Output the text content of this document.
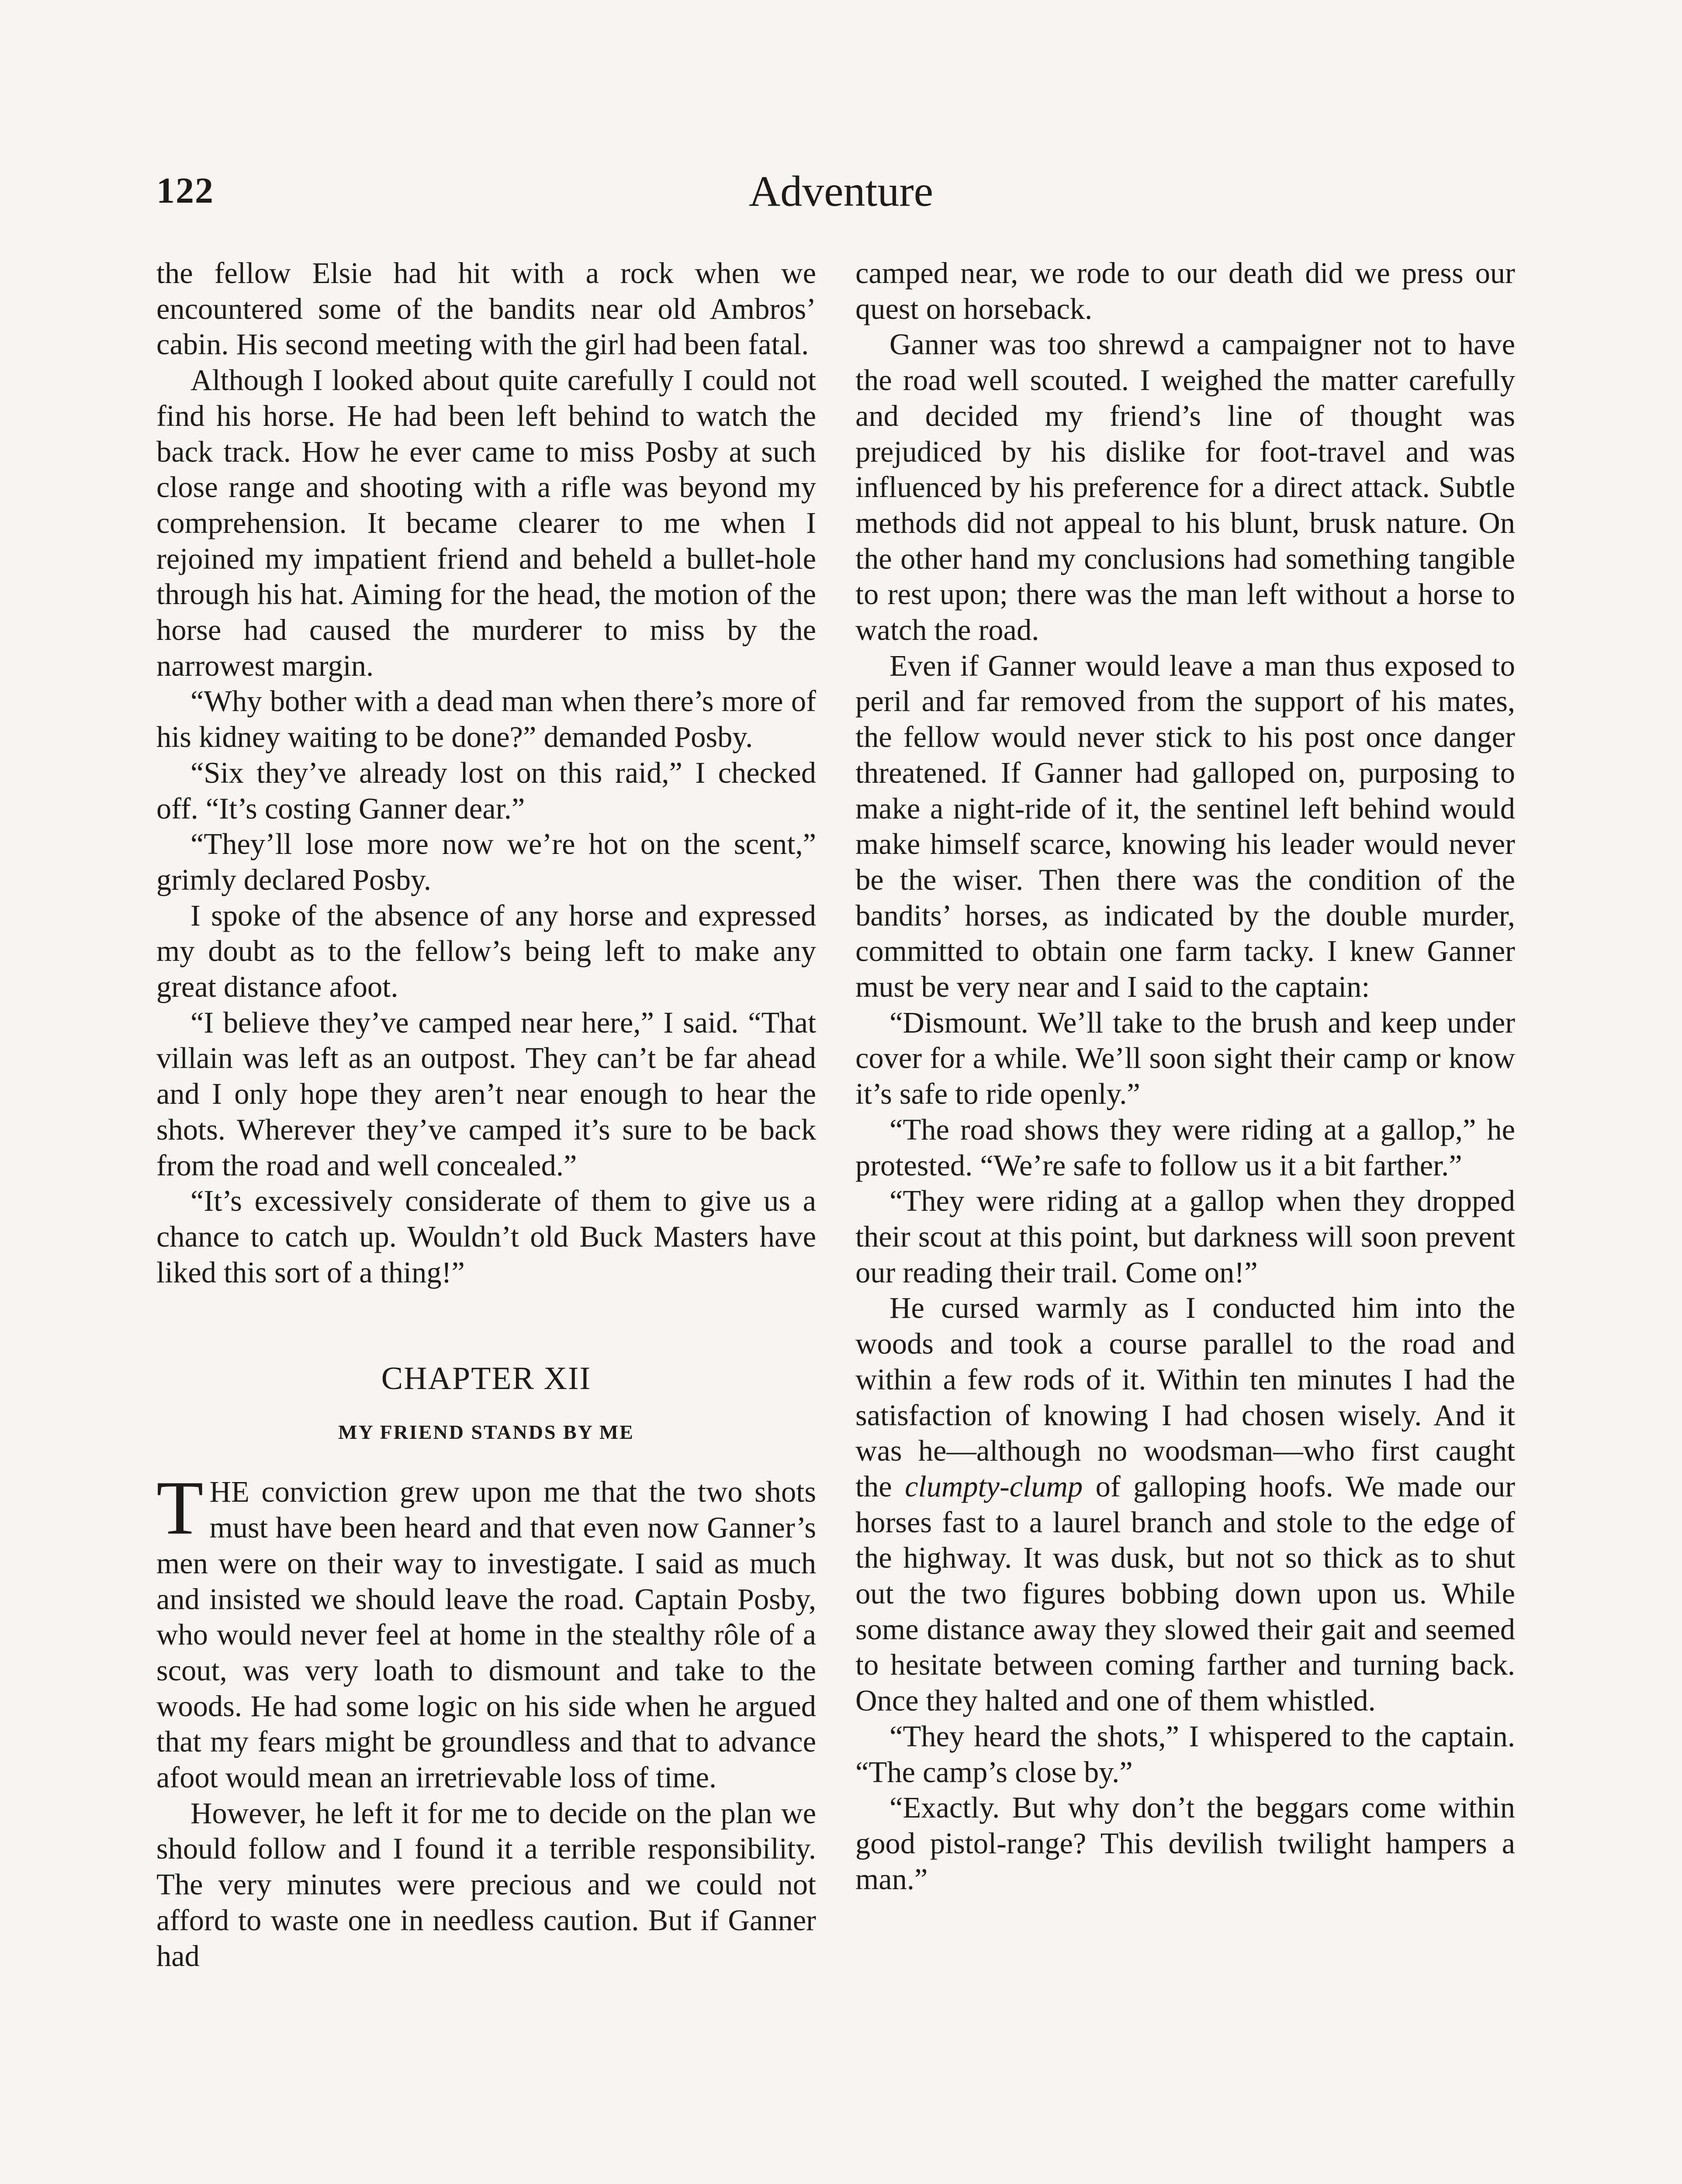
122	Adventure

the fellow Elsie had hit with a rock when we encountered some of the bandits near old Ambros’ cabin. His second meeting with the girl had been fatal.

Although I looked about quite carefully I could not find his horse. He had been left behind to watch the back track. How he ever came to miss Posby at such close range and shooting with a rifle was beyond my comprehension. It became clearer to me when I rejoined my impatient friend and beheld a bullet-hole through his hat. Aiming for the head, the motion of the horse had caused the murderer to miss by the narrowest margin.

“Why bother with a dead man when there’s more of his kidney waiting to be done?” demanded Posby.

“Six they’ve already lost on this raid,” I checked off. “It’s costing Ganner dear.”

“They’ll lose more now we’re hot on the scent,” grimly declared Posby.

I spoke of the absence of any horse and expressed my doubt as to the fellow’s being left to make any great distance afoot.

“I believe they’ve camped near here,” I said. “That villain was left as an outpost. They can’t be far ahead and I only hope they aren’t near enough to hear the shots. Wherever they’ve camped it’s sure to be back from the road and well concealed.”

“It’s excessively considerate of them to give us a chance to catch up. Wouldn’t old Buck Masters have liked this sort of a thing!”

CHAPTER XII
MY FRIEND STANDS BY ME

THE conviction grew upon me that the two shots must have been heard and that even now Ganner’s men were on their way to investigate. I said as much and insisted we should leave the road. Captain Posby, who would never feel at home in the stealthy rôle of a scout, was very loath to dismount and take to the woods. He had some logic on his side when he argued that my fears might be groundless and that to advance afoot would mean an irretrievable loss of time.

However, he left it for me to decide on the plan we should follow and I found it a terrible responsibility. The very minutes were precious and we could not afford to waste one in needless caution. But if Ganner had

camped near, we rode to our death did we press our quest on horseback.

Ganner was too shrewd a campaigner not to have the road well scouted. I weighed the matter carefully and decided my friend’s line of thought was prejudiced by his dislike for foot-travel and was influenced by his preference for a direct attack. Subtle methods did not appeal to his blunt, brusk nature. On the other hand my conclusions had something tangible to rest upon; there was the man left without a horse to watch the road.

Even if Ganner would leave a man thus exposed to peril and far removed from the support of his mates, the fellow would never stick to his post once danger threatened. If Ganner had galloped on, purposing to make a night-ride of it, the sentinel left behind would make himself scarce, knowing his leader would never be the wiser. Then there was the condition of the bandits’ horses, as indicated by the double murder, committed to obtain one farm tacky. I knew Ganner must be very near and I said to the captain:

“Dismount. We’ll take to the brush and keep under cover for a while. We’ll soon sight their camp or know it’s safe to ride openly.”

“The road shows they were riding at a gallop,” he protested. “We’re safe to follow us it a bit farther.”

“They were riding at a gallop when they dropped their scout at this point, but darkness will soon prevent our reading their trail. Come on!”

He cursed warmly as I conducted him into the woods and took a course parallel to the road and within a few rods of it. Within ten minutes I had the satisfaction of knowing I had chosen wisely. And it was he—although no woodsman—who first caught the clumpty-clump of galloping hoofs. We made our horses fast to a laurel branch and stole to the edge of the highway. It was dusk, but not so thick as to shut out the two figures bobbing down upon us. While some distance away they slowed their gait and seemed to hesitate between coming farther and turning back. Once they halted and one of them whistled.

“They heard the shots,” I whispered to the captain. “The camp’s close by.”

“Exactly. But why don’t the beggars come within good pistol-range? This devilish twilight hampers a man.”
